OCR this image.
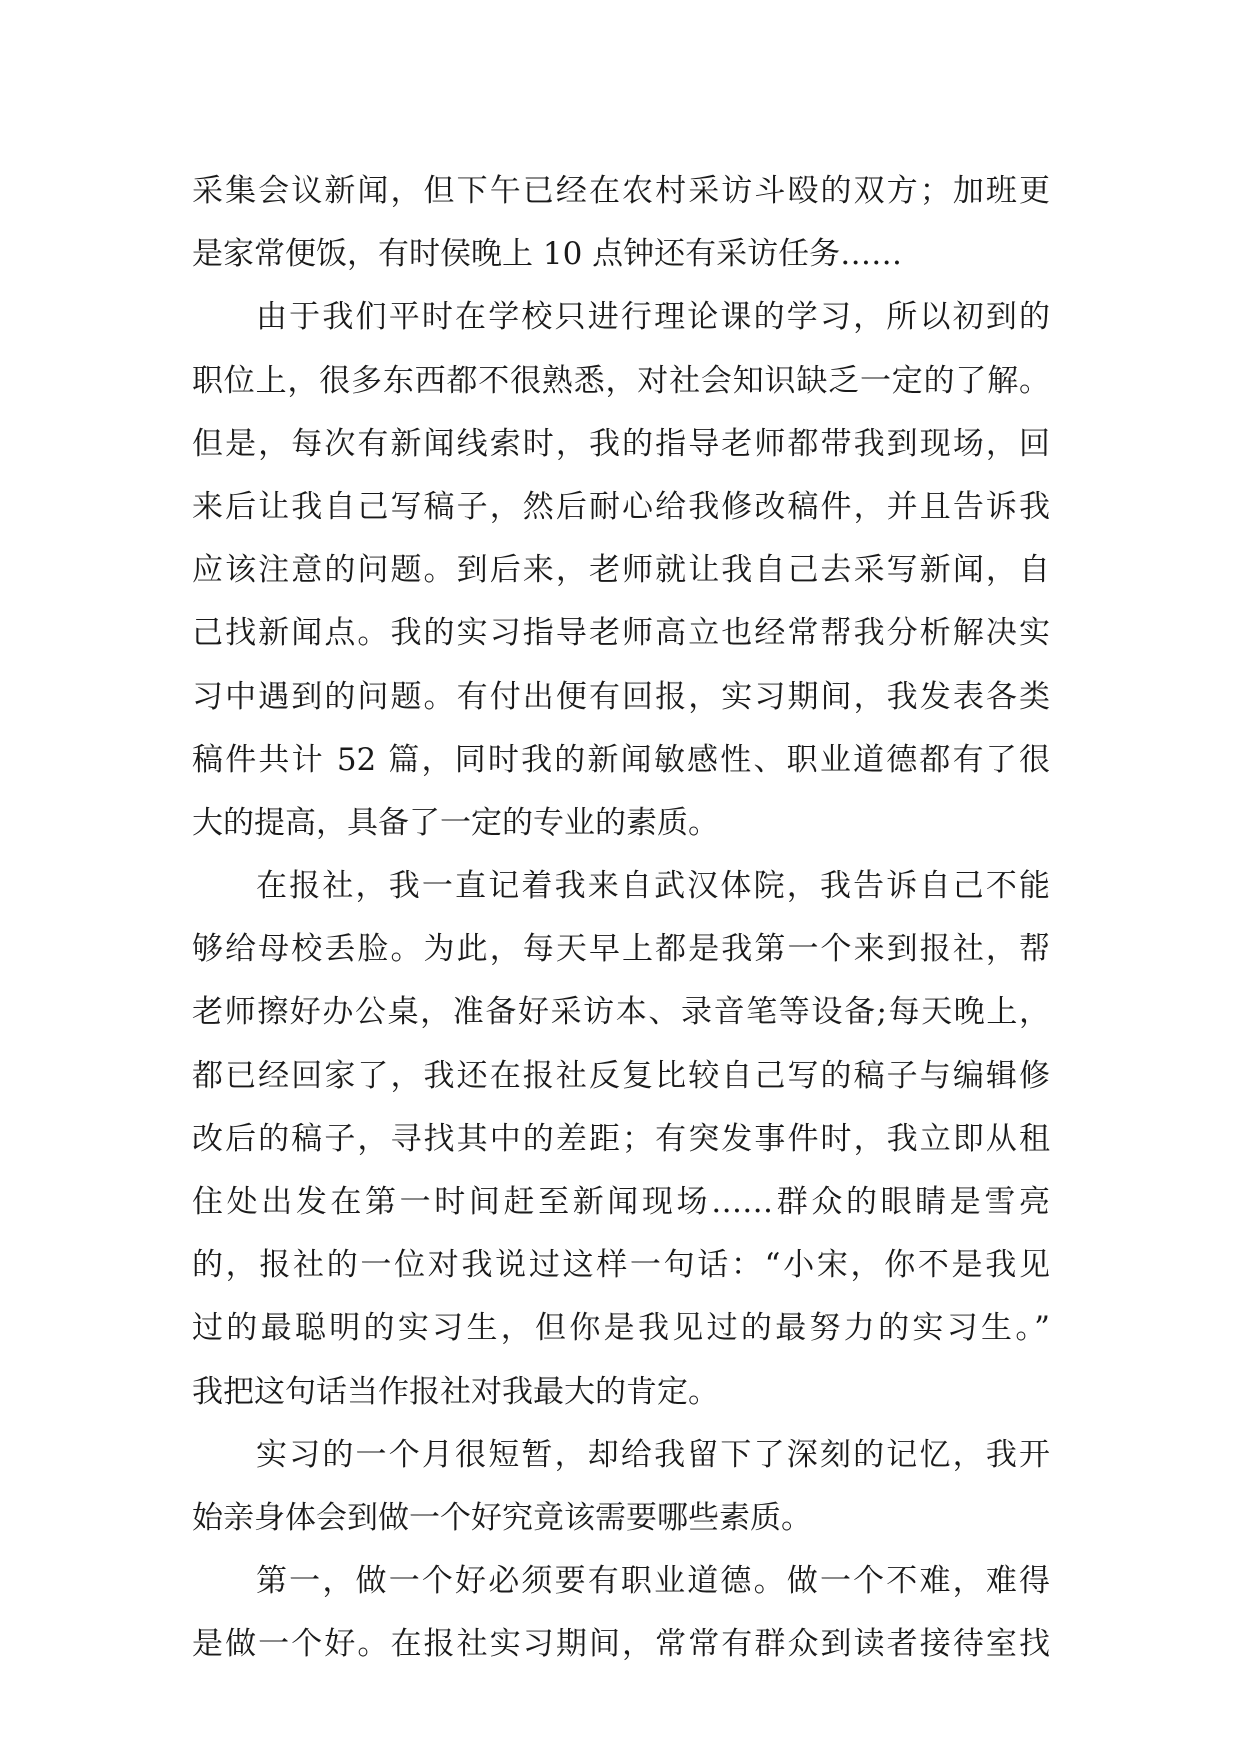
采集会议新闻，但下午已经在农村采访斗殴的双方；加班更
是家常便饭，有时侯晚上 10 点钟还有采访任务……
由于我们平时在学校只进行理论课的学习，所以初到的
职位上，很多东西都不很熟悉，对社会知识缺乏一定的了解。
但是，每次有新闻线索时，我的指导老师都带我到现场，回
来后让我自己写稿子，然后耐心给我修改稿件，并且告诉我
应该注意的问题。到后来，老师就让我自己去采写新闻，自
己找新闻点。我的实习指导老师高立也经常帮我分析解决实
习中遇到的问题。有付出便有回报，实习期间，我发表各类
稿件共计 52 篇，同时我的新闻敏感性、职业道德都有了很
大的提高，具备了一定的专业的素质。
在报社，我一直记着我来自武汉体院，我告诉自己不能
够给母校丢脸。为此，每天早上都是我第一个来到报社，帮
老师擦好办公桌，准备好采访本、录音笔等设备;每天晚上，
都已经回家了，我还在报社反复比较自己写的稿子与编辑修
改后的稿子，寻找其中的差距；有突发事件时，我立即从租
住处出发在第一时间赶至新闻现场……群众的眼睛是雪亮
的，报社的一位对我说过这样一句话：“小宋，你不是我见
过的最聪明的实习生，但你是我见过的最努力的实习生。”
我把这句话当作报社对我最大的肯定。
实习的一个月很短暂，却给我留下了深刻的记忆，我开
始亲身体会到做一个好究竟该需要哪些素质。
第一，做一个好必须要有职业道德。做一个不难，难得
是做一个好。在报社实习期间，常常有群众到读者接待室找
